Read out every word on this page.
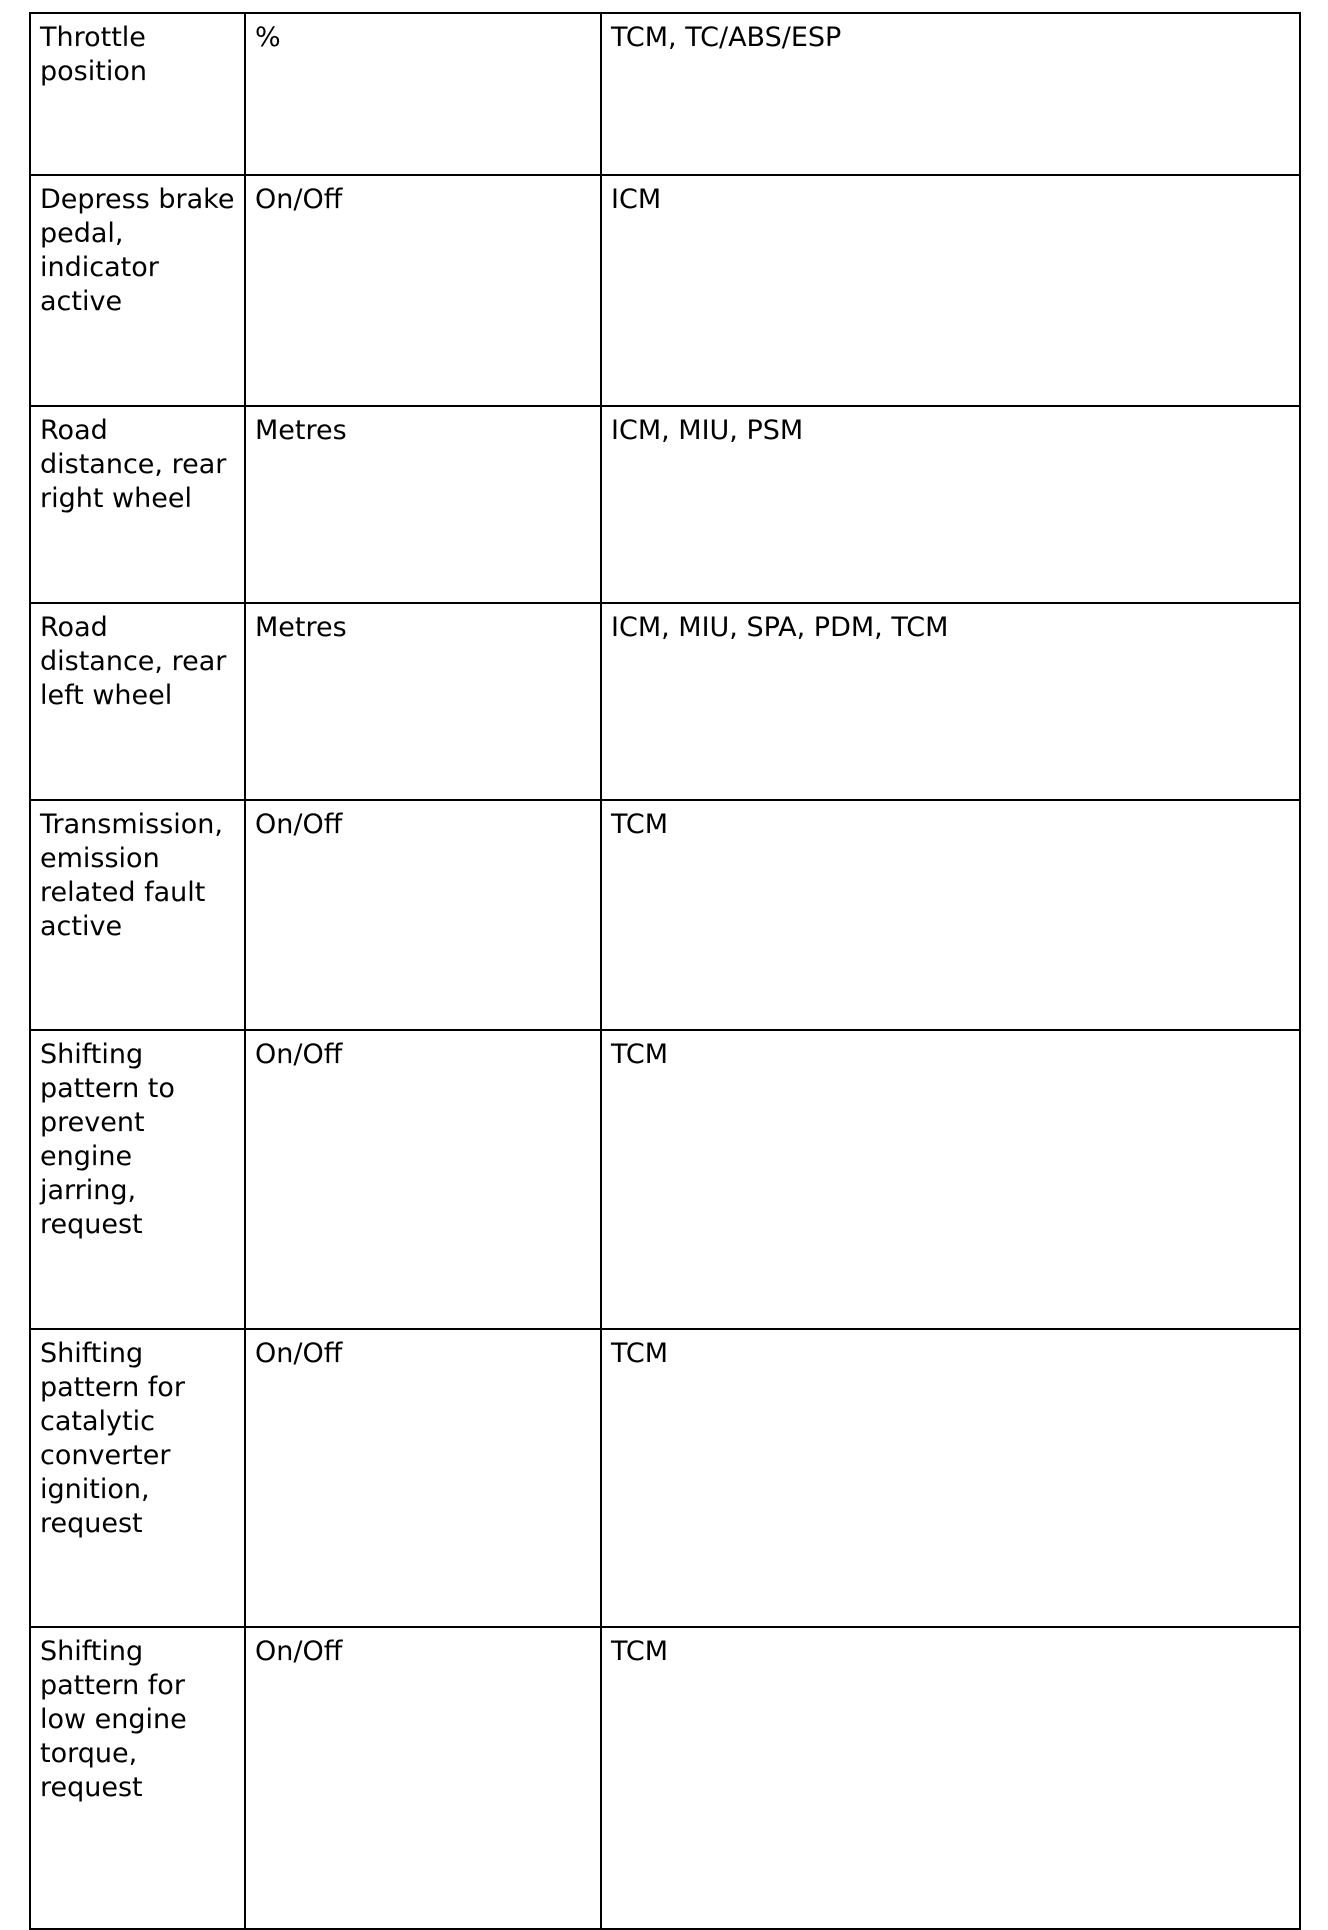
Throttle position	%	TCM, TC/ABS/ESP
Depress brake pedal, indicator active	On/Off	ICM
Road distance, rear right wheel	Metres	ICM, MIU, PSM
Road distance, rear left wheel	Metres	ICM, MIU, SPA, PDM, TCM
Transmission, emission related fault active	On/Off	TCM
Shifting pattern to prevent engine jarring, request	On/Off	TCM
Shifting pattern for catalytic converter ignition, request	On/Off	TCM
Shifting pattern for low engine torque, request	On/Off	TCM
